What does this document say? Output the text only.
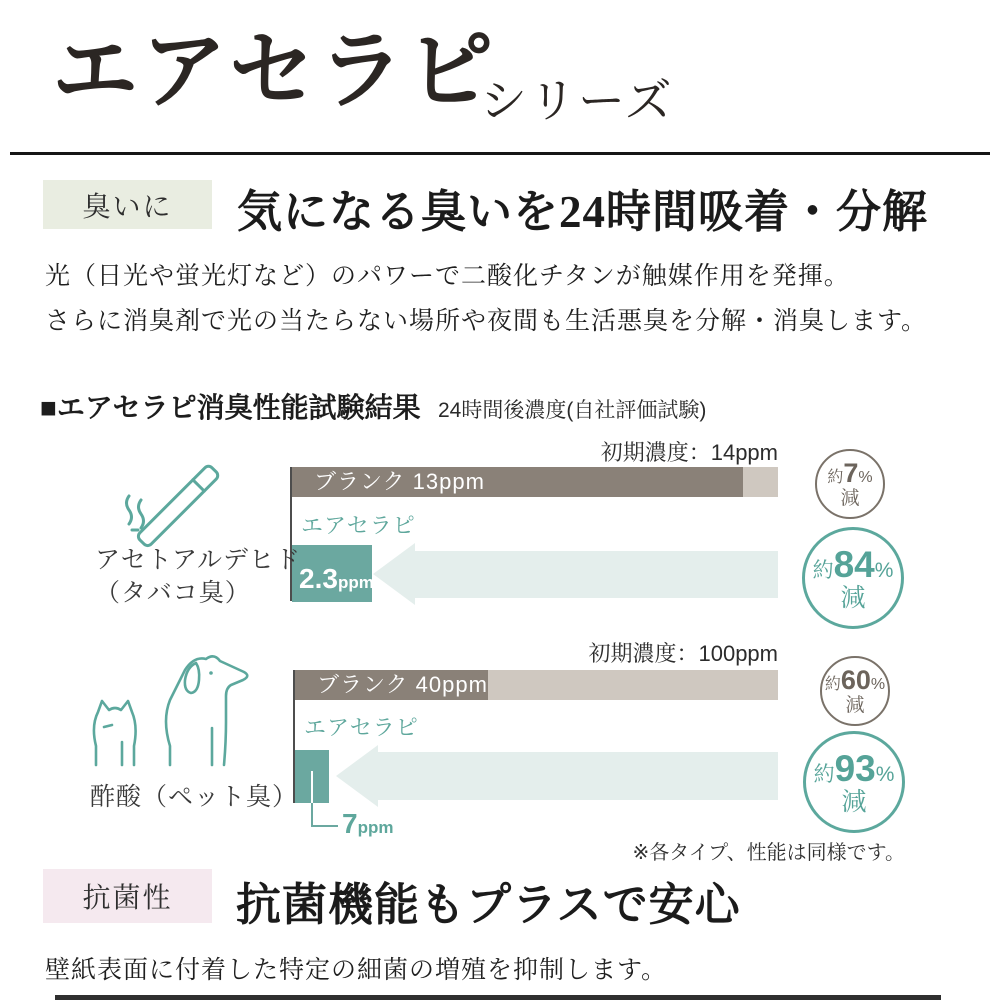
エアセラピ
シリーズ
臭いに	気になる臭いを24時間吸着・分解
光（日光や蛍光灯など）のパワーで二酸化チタンが触媒作用を発揮。
さらに消臭剤で光の当たらない場所や夜間も生活悪臭を分解・消臭します。
■エアセラピ消臭性能試験結果 24時間後濃度(自社評価試験)
初期濃度：14ppm
ブランク 13ppm
エアセラピ
2.3ppm
アセトアルデヒド
（タバコ臭）
約 7 %
減
約 84 %
減
初期濃度：100ppm
ブランク 40ppm
エアセラピ
7ppm
酢酸（ペット臭）
約 60 %
減
約 93 %
減
※各タイプ、性能は同様です。
抗菌性	抗菌機能もプラスで安心
壁紙表面に付着した特定の細菌の増殖を抑制します。
